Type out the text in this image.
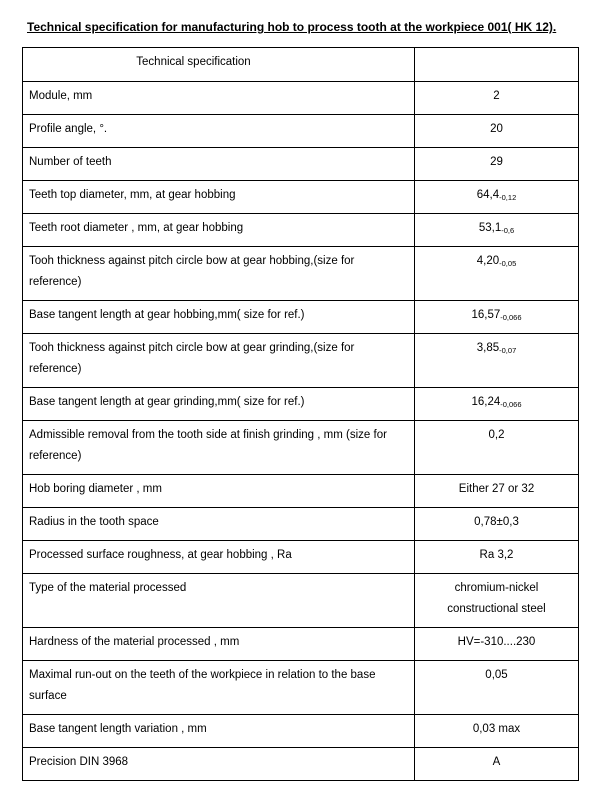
Technical specification for manufacturing hob to process tooth at the workpiece 001( HK 12).
Technical specification	
Module, mm	2
Profile angle, °.	20
Number of teeth	29
Teeth top diameter, mm, at gear hobbing	$64,4_{-0,12}$
Teeth root diameter , mm, at gear hobbing	$53,1_{-0,6}$
Tooh thickness against pitch circle bow at gear hobbing,(size for reference)	$4,20_{-0,05}$
Base tangent length at gear hobbing,mm( size for ref.)	$16,57_{-0,066}$
Tooh thickness against pitch circle bow at gear grinding,(size for reference)	$3,85_{-0,07}$
Base tangent length at gear grinding,mm( size for ref.)	$16,24_{-0,066}$
Admissible removal from the tooth side at finish grinding , mm (size for reference)	0,2
Hob boring diameter , mm	Either 27 or 32
Radius in the tooth space	0,78±0,3
Processed surface roughness, at gear hobbing , Ra	Ra 3,2
Type of the material processed	chromium-nickel constructional steel
Hardness of the material processed , mm	HV=-310....230
Maximal run-out on the teeth of the workpiece in relation to the base surface	0,05
Base tangent length variation , mm	0,03 max
Precision DIN 3968	A
